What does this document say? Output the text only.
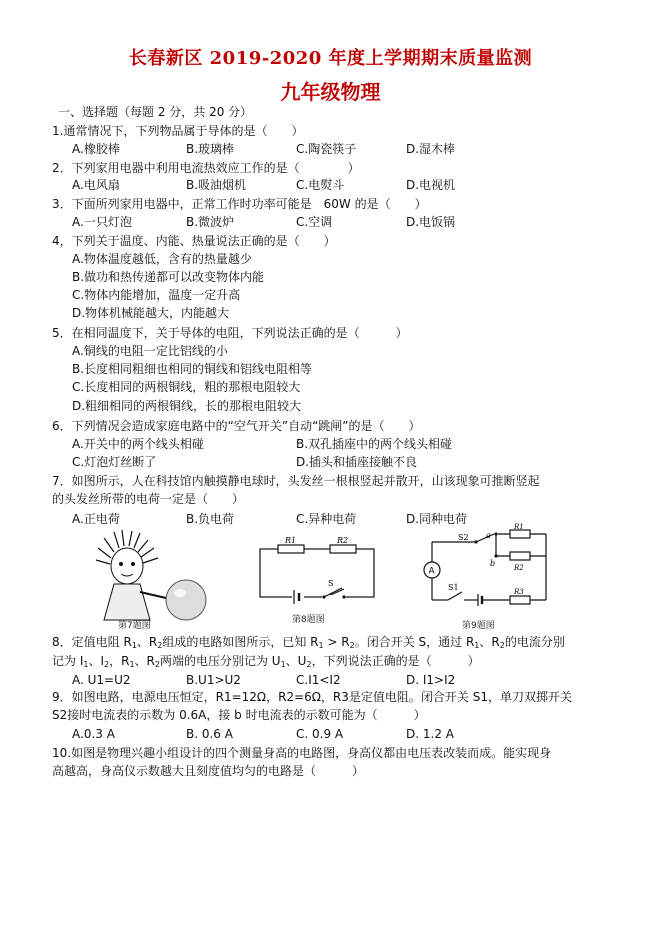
长春新区 2019-2020 年度上学期期末质量监测
九年级物理
一、选择题（每题 2 分，共 20 分）
1.通常情况下，下列物品属于导体的是（　　）
A.橡胶棒	B.玻璃棒	C.陶瓷筷子	D.湿木棒
2．下列家用电器中利用电流热效应工作的是（　　　　）
A.电风扇	B.吸油烟机	C.电熨斗	D.电视机
3．下面所列家用电器中，正常工作时功率可能是　60W 的是（　　）
A.一只灯泡	B.微波炉	C.空调	D.电饭锅
4，下列关于温度、内能、热量说法正确的是（　　）
A.物体温度越低，含有的热量越少
B.做功和热传递都可以改变物体内能
C.物体内能增加，温度一定升高
D.物体机械能越大，内能越大
5．在相同温度下，关于导体的电阻，下列说法正确的是（　　　）
A.铜线的电阻一定比铝线的小
B.长度相同粗细也相同的铜线和铝线电阻相等
C.长度相同的两根铜线，粗的那根电阻较大
D.粗细相同的两根铜线，长的那根电阻较大
6．下列情况会造成家庭电路中的“空气开关”自动“跳闸”的是（　　）
A.开关中的两个线头相碰	B.双孔插座中的两个线头相碰
C.灯泡灯丝断了	D.插头和插座接触不良
7．如图所示，人在科技馆内触摸静电球时，头发丝一根根竖起并散开，山该现象可推断竖起
的头发丝所带的电荷一定是（　　）
A.正电荷	B.负电荷	C.异种电荷	D.同种电荷
第7题图
R1	R2
S
第8题图
A
S2 a
b
R1
R2
R3
S1
第9题图
8．定值电阻 $R_1$、$R_2$组成的电路如图所示，已知 $R_1 > R_2$。闭合开关 S，通过 $R_1$、$R_2$的电流分别
记为 $I_1$、$I_2$，$R_1$、$R_2$两端的电压分别记为 $U_1$、$U_2$，下列说法正确的是（　　　）
A. U1=U2	B.U1>U2	C.I1<I2	D. I1>I2
9．如图电路，电源电压恒定，R1=12Ω，R2=6Ω，R3是定值电阻。闭合开关 S1，单刀双掷开关
S2接时电流表的示数为 0.6A，接 b 时电流表的示数可能为（　　　）
A.0.3 A	B. 0.6 A	C. 0.9 A	D. 1.2 A
10.如图是物理兴趣小组设计的四个测量身高的电路图，身高仪都由电压表改装而成。能实现身
高越高，身高仪示数越大且刻度值均匀的电路是（　　　）
